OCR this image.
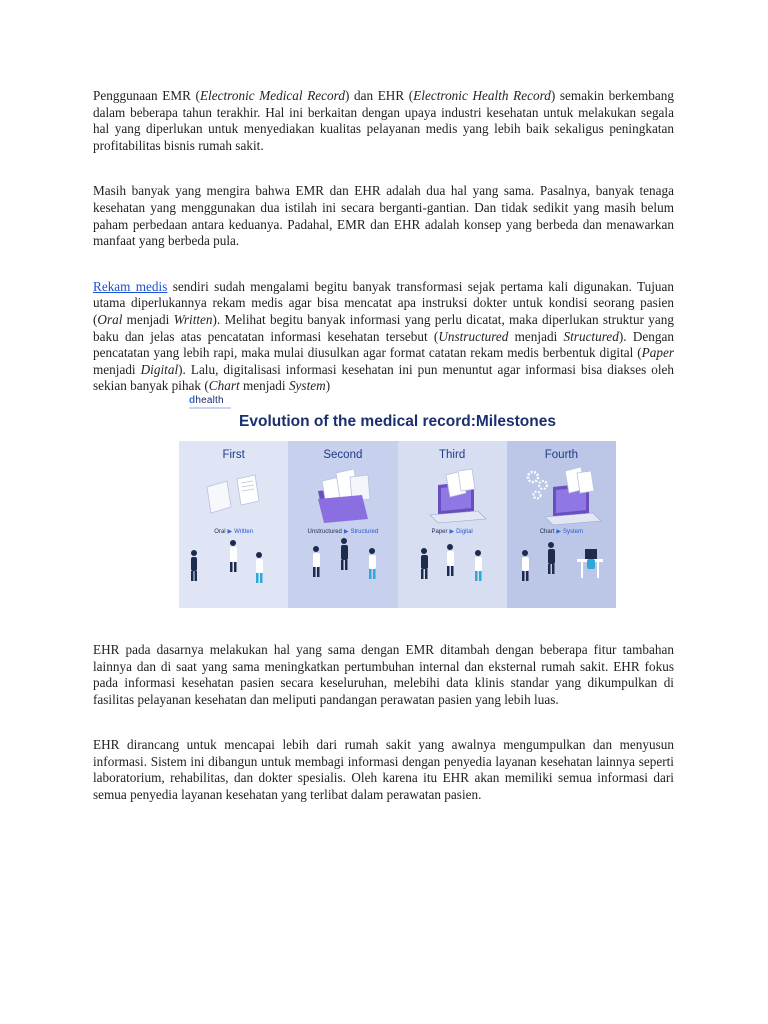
Penggunaan EMR (Electronic Medical Record) dan EHR (Electronic Health Record) semakin berkembang dalam beberapa tahun terakhir. Hal ini berkaitan dengan upaya industri kesehatan untuk melakukan segala hal yang diperlukan untuk menyediakan kualitas pelayanan medis yang lebih baik sekaligus peningkatan profitabilitas bisnis rumah sakit.

Masih banyak yang mengira bahwa EMR dan EHR adalah dua hal yang sama. Pasalnya, banyak tenaga kesehatan yang menggunakan dua istilah ini secara berganti-gantian. Dan tidak sedikit yang masih belum paham perbedaan antara keduanya. Padahal, EMR dan EHR adalah konsep yang berbeda dan menawarkan manfaat yang berbeda pula.

Rekam medis sendiri sudah mengalami begitu banyak transformasi sejak pertama kali digunakan. Tujuan utama diperlukannya rekam medis agar bisa mencatat apa instruksi dokter untuk kondisi seorang pasien (Oral menjadi Written). Melihat begitu banyak informasi yang perlu dicatat, maka diperlukan struktur yang baku dan jelas atas pencatatan informasi kesehatan tersebut (Unstructured menjadi Structured). Dengan pencatatan yang lebih rapi, maka mulai diusulkan agar format catatan rekam medis berbentuk digital (Paper menjadi Digital). Lalu, digitalisasi informasi kesehatan ini pun menuntut agar informasi bisa diakses oleh sekian banyak pihak (Chart menjadi System)

dhealth
Evolution of the medical record:Milestones
First
Oral ▶ Written
Second
Unstructured ▶ Structured
Third
Paper ▶ Digital
Fourth
Chart ▶ System

EHR pada dasarnya melakukan hal yang sama dengan EMR ditambah dengan beberapa fitur tambahan lainnya dan di saat yang sama meningkatkan pertumbuhan internal dan eksternal rumah sakit. EHR fokus pada informasi kesehatan pasien secara keseluruhan, melebihi data klinis standar yang dikumpulkan di fasilitas pelayanan kesehatan dan meliputi pandangan perawatan pasien yang lebih luas.

EHR dirancang untuk mencapai lebih dari rumah sakit yang awalnya mengumpulkan dan menyusun informasi. Sistem ini dibangun untuk membagi informasi dengan penyedia layanan kesehatan lainnya seperti laboratorium, rehabilitas, dan dokter spesialis. Oleh karena itu EHR akan memiliki semua informasi dari semua penyedia layanan kesehatan yang terlibat dalam perawatan pasien.
